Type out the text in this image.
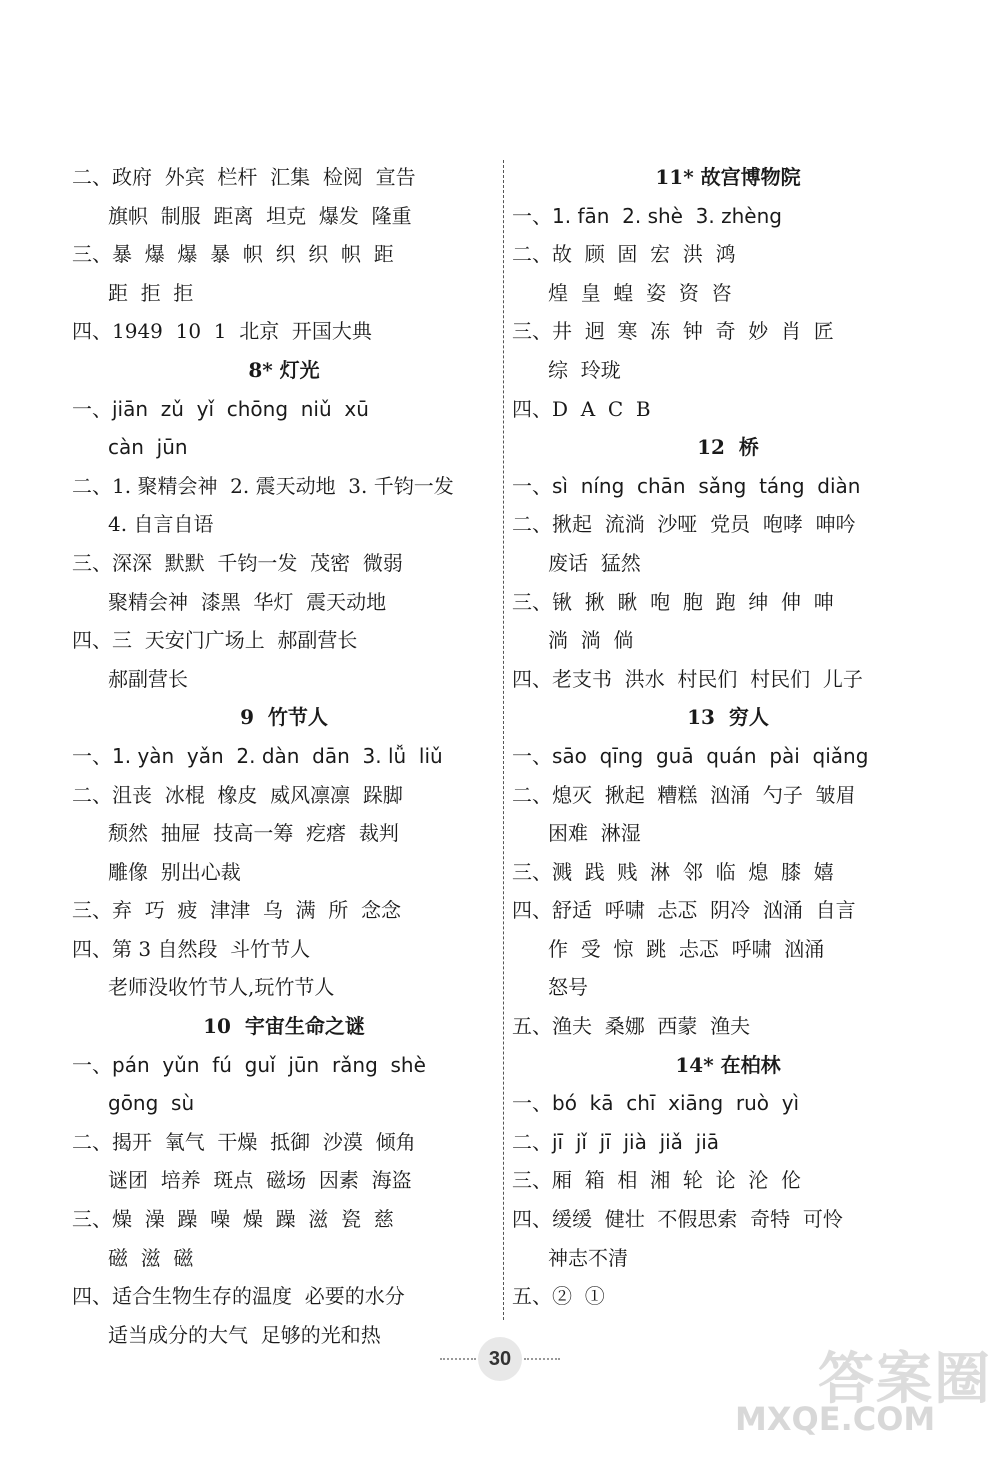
二、政府  外宾  栏杆  汇集  检阅  宣告
旗帜  制服  距离  坦克  爆发  隆重
三、暴  爆  爆  暴  帜  织  织  帜  距
距  拒  拒
四、1949  10  1  北京  开国大典
8* 灯光
一、jiān  zǔ  yǐ  chōng  niǔ  xū
càn  jūn
二、1. 聚精会神  2. 震天动地  3. 千钧一发
4. 自言自语
三、深深  默默  千钧一发  茂密  微弱
聚精会神  漆黑  华灯  震天动地
四、三  天安门广场上  郝副营长
郝副营长
9  竹节人
一、1. yàn  yǎn  2. dàn  dān  3. lǚ  liǔ
二、沮丧  冰棍  橡皮  威风凛凛  跺脚
颓然  抽屉  技高一筹  疙瘩  裁判
雕像  别出心裁
三、弃  巧  疲  津津  乌  满  所  念念
四、第 3 自然段  斗竹节人
老师没收竹节人,玩竹节人
10  宇宙生命之谜
一、pán  yǔn  fú  guǐ  jūn  rǎng  shè
gōng  sù
二、揭开  氧气  干燥  抵御  沙漠  倾角
谜团  培养  斑点  磁场  因素  海盗
三、燥  澡  躁  噪  燥  躁  滋  瓷  慈
磁  滋  磁
四、适合生物生存的温度  必要的水分
适当成分的大气  足够的光和热
11* 故宫博物院
一、1. fān  2. shè  3. zhèng
二、故  顾  固  宏  洪  鸿
煌  皇  蝗  姿  资  咨
三、井  迥  寒  冻  钟  奇  妙  肖  匠
综  玲珑
四、D  A  C  B
12  桥
一、sì  níng  chān  sǎng  táng  diàn
二、揪起  流淌  沙哑  党员  咆哮  呻吟
废话  猛然
三、锹  揪  瞅  咆  胞  跑  绅  伸  呻
淌  淌  倘
四、老支书  洪水  村民们  村民们  儿子
13  穷人
一、sāo  qīng  guā  quán  pài  qiǎng
二、熄灭  揪起  糟糕  汹涌  勺子  皱眉
困难  淋湿
三、溅  践  贱  淋  邻  临  熄  膝  嬉
四、舒适  呼啸  忐忑  阴冷  汹涌  自言
作  受  惊  跳  忐忑  呼啸  汹涌
怒号
五、渔夫  桑娜  西蒙  渔夫
14* 在柏林
一、bó  kā  chī  xiāng  ruò  yì
二、jī  jǐ  jī  jià  jiǎ  jiā
三、厢  箱  相  湘  轮  论  沦  伦
四、缓缓  健壮  不假思索  奇特  可怜
神志不清
五、②  ①
30	答案圈
MXQE.COM
